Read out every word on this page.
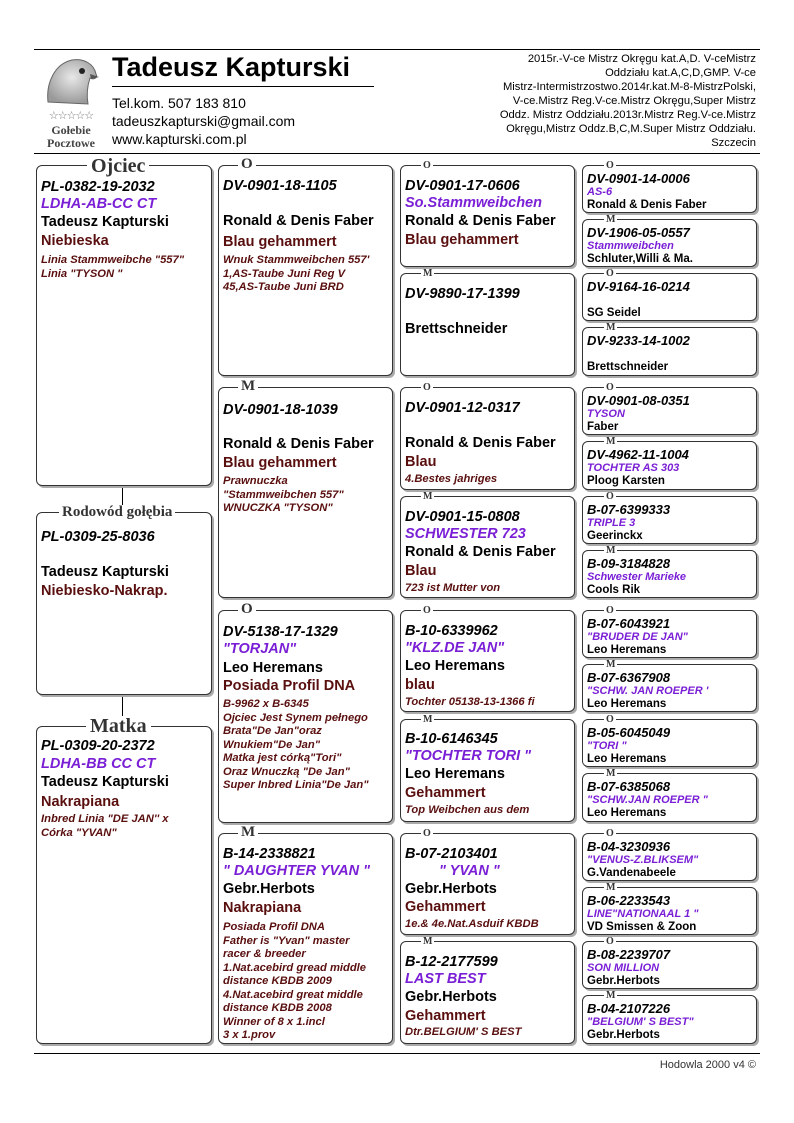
☆☆☆☆☆
Gołebie
Pocztowe
Tadeusz Kapturski
Tel.kom. 507 183 810
tadeuszkapturski@gmail.com
www.kapturski.com.pl
2015r.-V-ce Mistrz Okręgu kat.A,D. V-ceMistrz
Oddziału kat.A,C,D,GMP. V-ce
Mistrz-Intermistrzostwo.2014r.kat.M-8-MistrzPolski,
V-ce.Mistrz Reg.V-ce.Mistrz Okręgu,Super Mistrz
Oddz. Mistrz Oddziału.2013r.Mistrz Reg.V-ce.Mistrz
Okręgu,Mistrz Oddz.B,C,M.Super Mistrz Oddziału.
Szczecin
PL-0382-19-2032
LDHA-AB-CC CT
Tadeusz Kapturski
Niebieska
Linia Stammweibche "557"
Linia "TYSON "
Ojciec
PL-0309-25-8036
Tadeusz Kapturski
Niebiesko-Nakrap.
Rodowód gołębia
PL-0309-20-2372
LDHA-BB CC CT
Tadeusz Kapturski
Nakrapiana
Inbred Linia "DE JAN'' x
Córka "YVAN"
Matka
DV-0901-18-1105
Ronald & Denis Faber
Blau gehammert
Wnuk Stammweibchen 557'
1,AS-Taube Juni Reg V
45,AS-Taube Juni BRD
O
DV-0901-18-1039
Ronald & Denis Faber
Blau gehammert
Prawnuczka
"Stammweibchen 557"
WNUCZKA "TYSON"
M
DV-5138-17-1329
"TORJAN"
Leo Heremans
Posiada Profil DNA
B-9962 x B-6345
Ojciec Jest Synem pełnego
Brata"De Jan"oraz
Wnukiem"De Jan"
Matka jest córką"Tori"
Oraz Wnuczką "De Jan"
Super Inbred Linia"De Jan"
O
B-14-2338821
" DAUGHTER YVAN "
Gebr.Herbots
Nakrapiana
Posiada Profil DNA
Father is "Yvan" master
racer & breeder
1.Nat.acebird gread middle
distance KBDB 2009
4.Nat.acebird great middle
distance KBDB 2008
Winner of 8 x 1.incl
3 x 1.prov
M
DV-0901-17-0606
So.Stammweibchen
Ronald & Denis Faber
Blau gehammert
O
DV-9890-17-1399
Brettschneider
M
DV-0901-12-0317
Ronald & Denis Faber
Blau
4.Bestes jahriges
O
DV-0901-15-0808
SCHWESTER 723
Ronald & Denis Faber
Blau
723 ist Mutter von
M
B-10-6339962
"KLZ.DE JAN"
Leo Heremans
blau
Tochter 05138-13-1366 fi
O
B-10-6146345
"TOCHTER TORI "
Leo Heremans
Gehammert
Top Weibchen aus dem
M
B-07-2103401
" YVAN "
Gebr.Herbots
Gehammert
1e.& 4e.Nat.Asduif KBDB
O
B-12-2177599
LAST BEST
Gebr.Herbots
Gehammert
Dtr.BELGIUM' S BEST
M
DV-0901-14-0006
AS-6
Ronald & Denis Faber
O
DV-1906-05-0557
Stammweibchen
Schluter,Willi & Ma.
M
DV-9164-16-0214
SG Seidel
O
DV-9233-14-1002
Brettschneider
M
DV-0901-08-0351
TYSON
Faber
O
DV-4962-11-1004
TOCHTER AS 303
Ploog Karsten
M
B-07-6399333
TRIPLE 3
Geerinckx
O
B-09-3184828
Schwester Marieke
Cools Rik
M
B-07-6043921
"BRUDER DE JAN"
Leo Heremans
O
B-07-6367908
"SCHW. JAN ROEPER '
Leo Heremans
M
B-05-6045049
"TORI "
Leo Heremans
O
B-07-6385068
"SCHW.JAN ROEPER "
Leo Heremans
M
B-04-3230936
"VENUS-Z.BLIKSEM"
G.Vandenabeele
O
B-06-2233543
LINE"NATIONAAL 1 "
VD Smissen & Zoon
M
B-08-2239707
SON MILLION
Gebr.Herbots
O
B-04-2107226
"BELGIUM' S BEST"
Gebr.Herbots
M
Hodowla 2000 v4 ©
